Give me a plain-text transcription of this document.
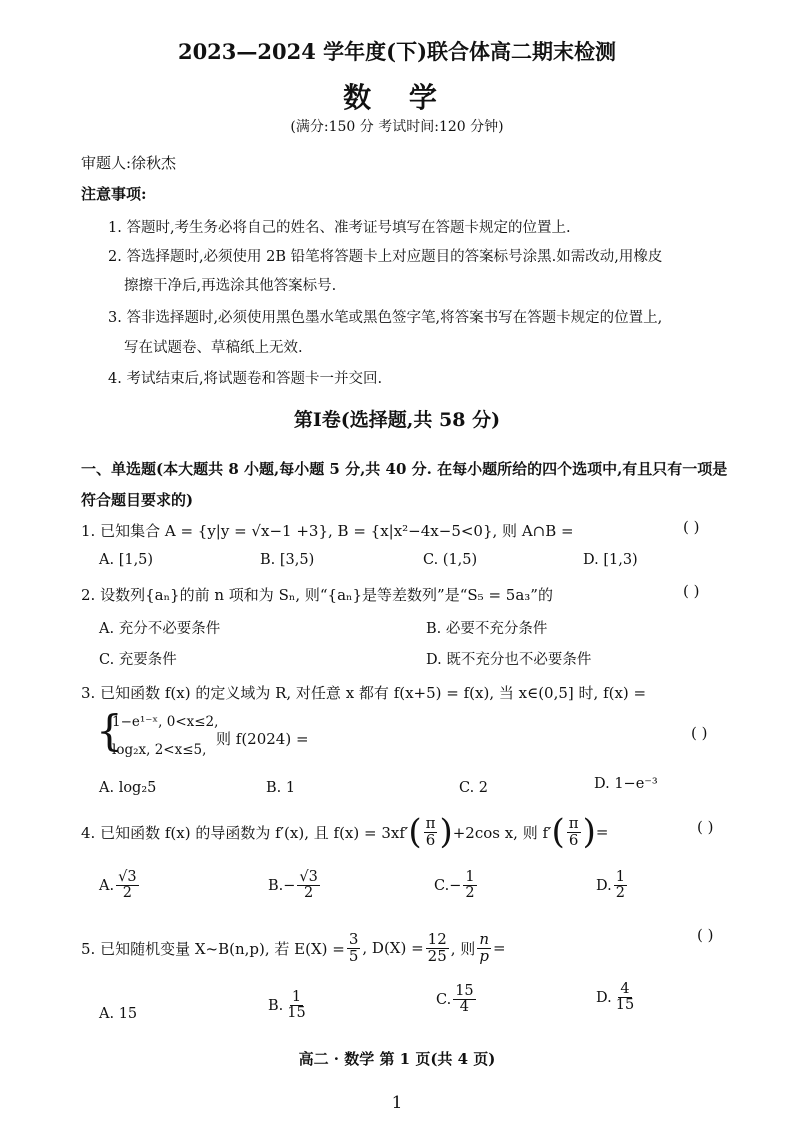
2023—2024 学年度(下)联合体高二期末检测
数 学
(满分:150 分 考试时间:120 分钟)
审题人:徐秋杰
注意事项:
1. 答题时,考生务必将自己的姓名、准考证号填写在答题卡规定的位置上.
2. 答选择题时,必须使用 2B 铅笔将答题卡上对应题目的答案标号涂黑.如需改动,用橡皮
擦擦干净后,再选涂其他答案标号.
3. 答非选择题时,必须使用黑色墨水笔或黑色签字笔,将答案书写在答题卡规定的位置上,
写在试题卷、草稿纸上无效.
4. 考试结束后,将试题卷和答题卡一并交回.
第Ⅰ卷(选择题,共 58 分)
一、单选题(本大题共 8 小题,每小题 5 分,共 40 分. 在每小题所给的四个选项中,有且只有一项是符合题目要求的)
1. 已知集合 A = {y|y = √x−1 +3}, B = {x|x²−4x−5<0}, 则 A∩B =	( )
A. [1,5)	B. [3,5)	C. (1,5)	D. [1,3)
2. 设数列{aₙ}的前 n 项和为 Sₙ, 则“{aₙ}是等差数列”是“S₅ = 5a₃”的	( )
A. 充分不必要条件	B. 必要不充分条件
C. 充要条件	D. 既不充分也不必要条件
3. 已知函数 f(x) 的定义域为 R, 对任意 x 都有 f(x+5) = f(x), 当 x∈(0,5] 时, f(x) =
{
1−e¹⁻ˣ, 0<x≤2,
log₂x, 2<x≤5,
则 f(2024) =	( )
A. log₂5	B. 1	C. 2	D. 1−e⁻³
4. 已知函数 f(x) 的导函数为 f′(x), 且 f(x) = 3xf′ ( $\frac{\pi}{6}$ ) +2cos x, 则 f′ ( $\frac{\pi}{6}$ ) =	( )
A. $\frac{√3}{2}$	B. − $\frac{√3}{2}$	C. − $\frac{1}{2}$	D. $\frac{1}{2}$
5. 已知随机变量 X~B(n,p), 若 $E(X) = \frac{3}{5}$ , $D(X) = \frac{12}{25}$ , 则 $\frac{n}{p}$ =
( )
A. 15
B. $\frac{1}{15}$	C. $\frac{15}{4}$	D. $\frac{4}{15}$
高二 · 数学 第 1 页(共 4 页)
1
